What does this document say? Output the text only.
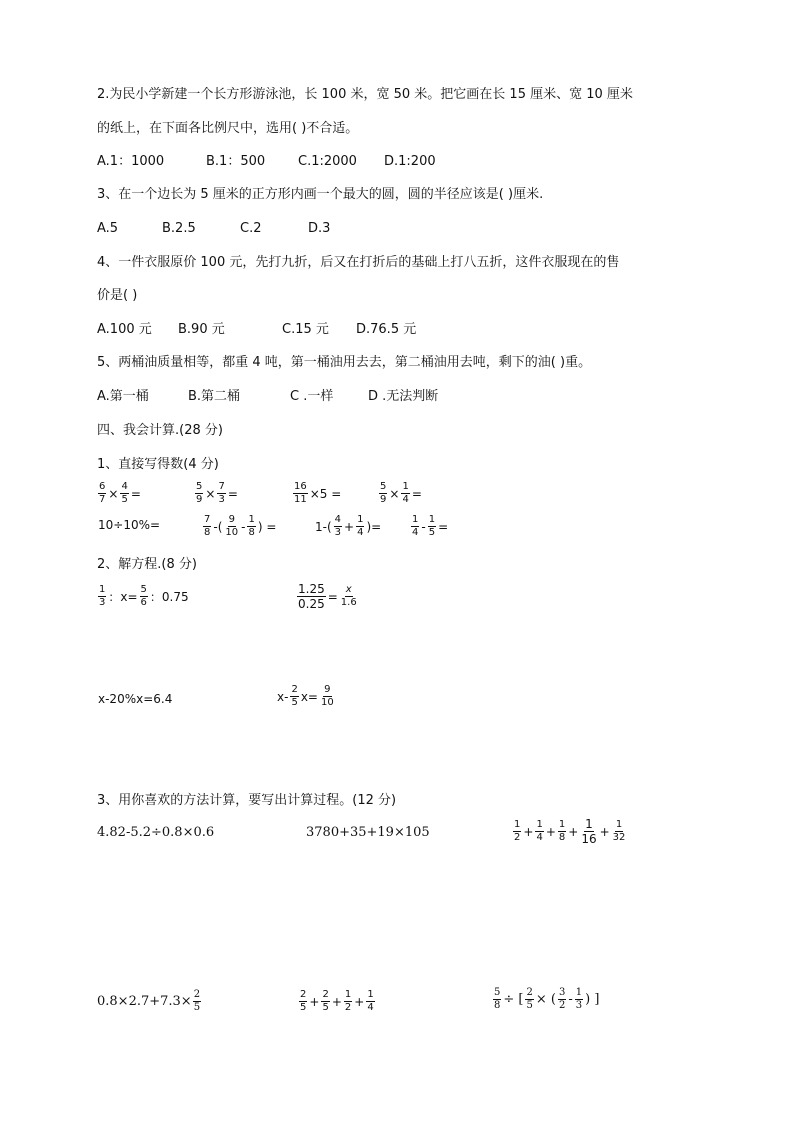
2.为民小学新建一个长方形游泳池，长 100 米，宽 50 米。把它画在长 15 厘米、宽 10 厘米
的纸上，在下面各比例尺中，选用( )不合适。
A.1：1000	B.1：500	C.1:2000 D.1:200
3、在一个边长为 5 厘米的正方形内画一个最大的圆，圆的半径应该是( )厘米.
A.5	B.2.5	C.2	D.3
4、一件衣服原价 100 元，先打九折，后又在打折后的基础上打八五折，这件衣服现在的售
价是( )
A.100 元 B.90 元	C.15 元 D.76.5 元
5、两桶油质量相等，都重 4 吨，第一桶油用去去，第二桶油用去吨，剩下的油( )重。
A.第一桶	B.第二桶	C .一样	D .无法判断
四、我会计算.(28 分)
1、直接写得数(4 分)
$\frac{6}{7} \times \frac{4}{5}$ =	$\frac{5}{9} \times \frac{7}{3}$ =	$\frac{16}{11} \times 5$ =	$\frac{5}{9} \times \frac{1}{4}$ =
10÷10%=	$\frac{7}{8}$ -( $\frac{9}{10} - \frac{1}{8}$ ) =	$1-( \frac{4}{3} + \frac{1}{4}$ )=	$\frac{1}{4} - \frac{1}{5}$ =
2、解方程.(8 分)
$\frac{1}{3}$ ：$x= \frac{5}{6}$ ：0.75	$\frac{1.25}{0.25} = \frac{x}{1.6}$
x-20%x=6.4	$x- \frac{2}{5} x= \frac{9}{10}$
3、用你喜欢的方法计算，要写出计算过程。(12 分)
4.82-5.2÷0.8×0.6	3780+35+19×105	$\frac{1}{2} + \frac{1}{4} + \frac{1}{8} + \frac{1}{16} + \frac{1}{32}$
$0.8\times 2.7+7.3\times \frac{2}{5}$	$\frac{2}{5} + \frac{2}{5} + \frac{1}{2} + \frac{1}{4}$	$\frac{5}{8}$ ÷ [ $\frac{2}{5}$ × ( $\frac{3}{2} - \frac{1}{3}$ ) ]
